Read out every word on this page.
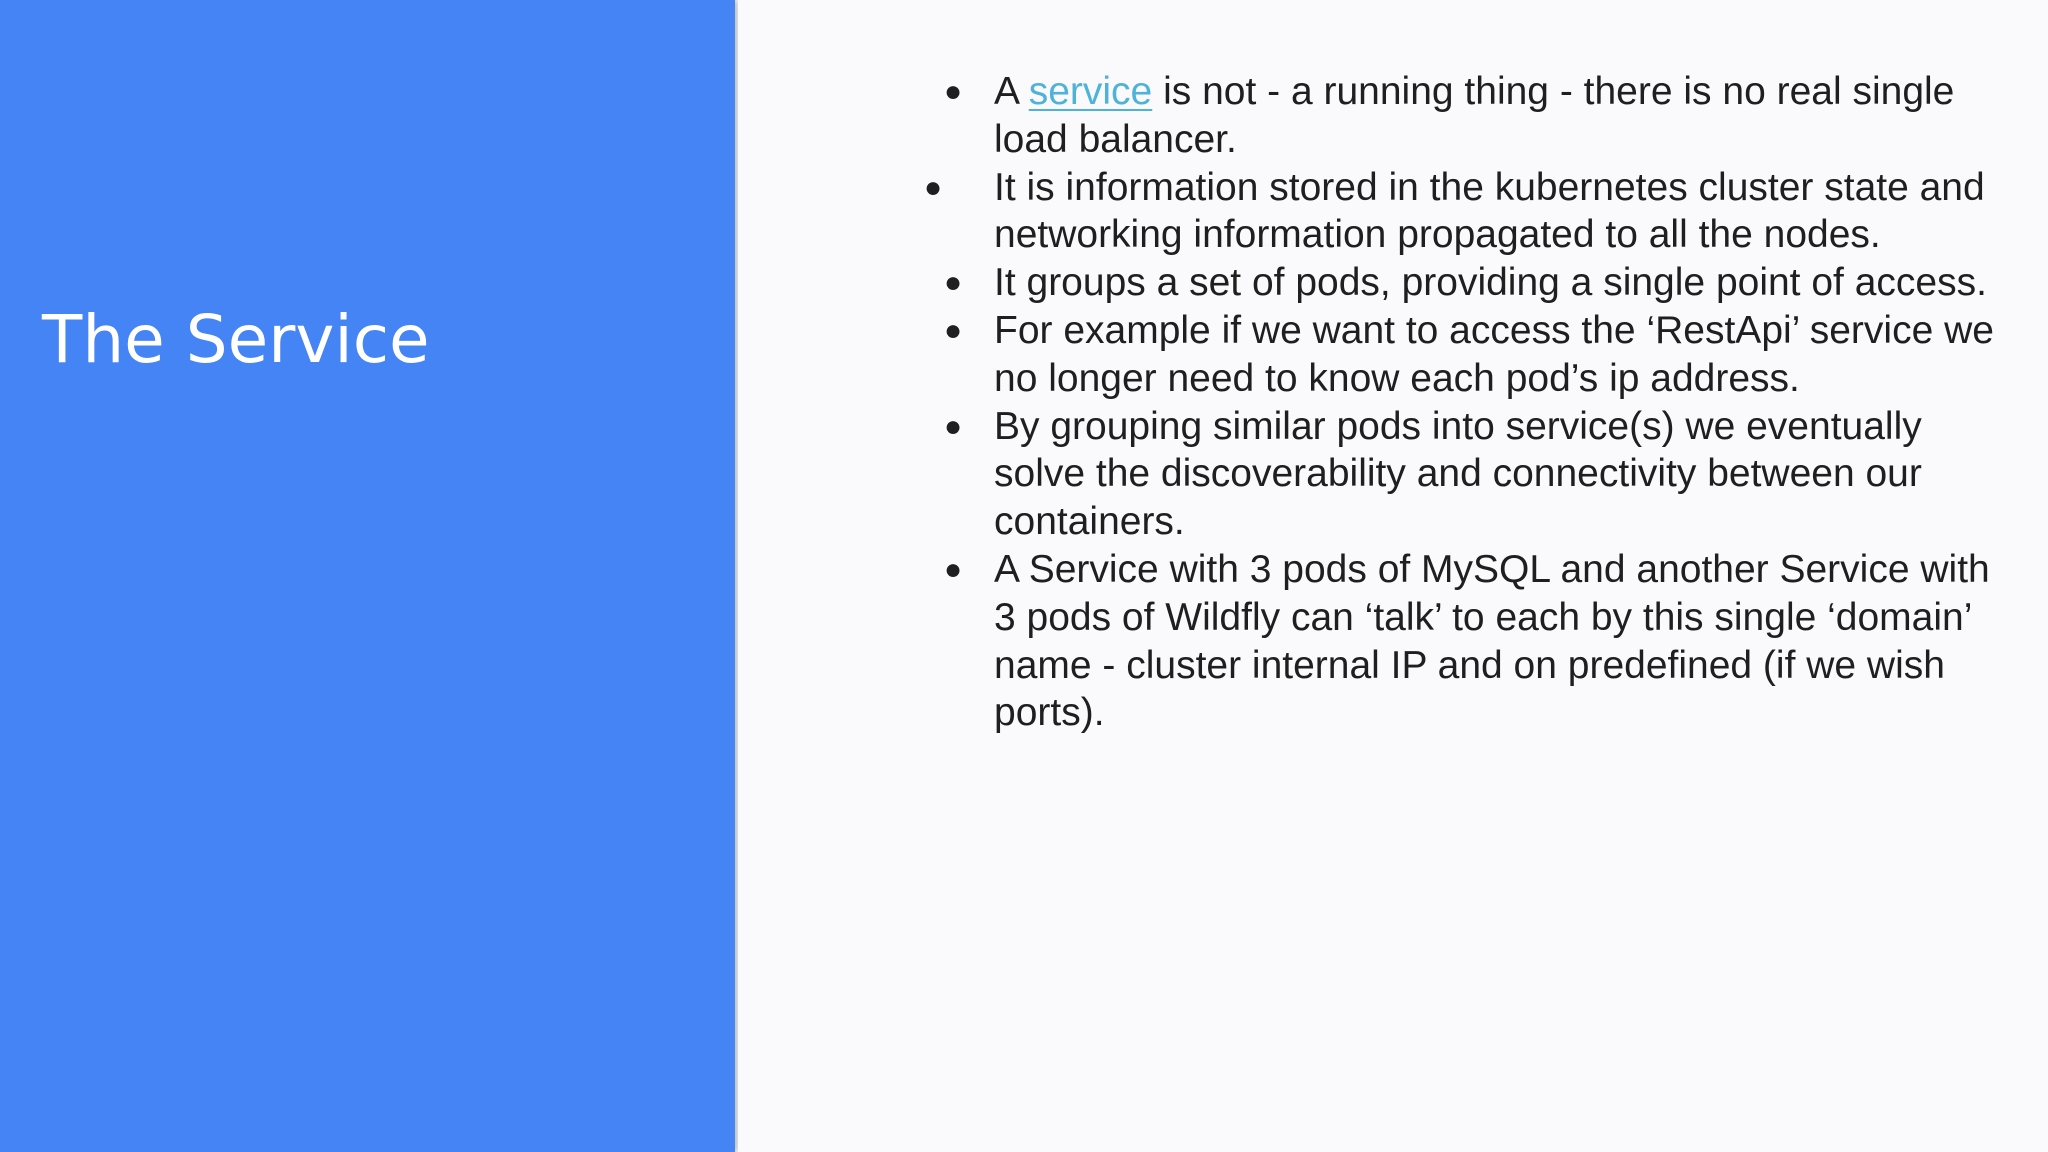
The Service
● A service is not - a running thing - there is no real single load balancer.
● It is information stored in the kubernetes cluster state and networking information propagated to all the nodes.
● It groups a set of pods, providing a single point of access.
● For example if we want to access the ‘RestApi’ service we no longer need to know each pod’s ip address.
● By grouping similar pods into service(s) we eventually solve the discoverability and connectivity between our containers.
● A Service with 3 pods of MySQL and another Service with 3 pods of Wildfly can ‘talk’ to each by this single ‘domain’ name - cluster internal IP and on predefined (if we wish ports).
